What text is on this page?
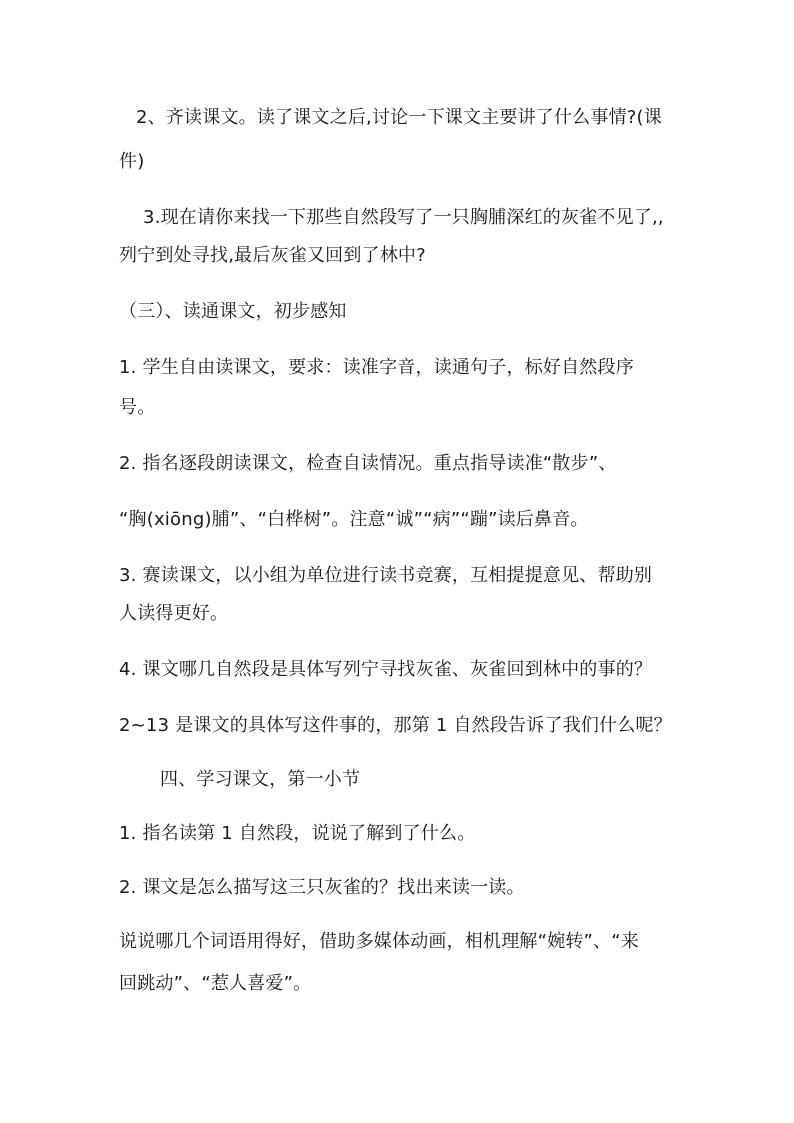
2、齐读课文。读了课文之后,讨论一下课文主要讲了什么事情?(课
件)
3.现在请你来找一下那些自然段写了一只胸脯深红的灰雀不见了,,
列宁到处寻找,最后灰雀又回到了林中?
（三）、读通课文，初步感知
1. 学生自由读课文，要求：读准字音，读通句子，标好自然段序
号。
2. 指名逐段朗读课文，检查自读情况。重点指导读准“散步”、
“胸(xiōng)脯”、“白桦树”。注意“诚”“病”“蹦”读后鼻音。
3. 赛读课文，以小组为单位进行读书竞赛，互相提提意见、帮助别
人读得更好。
4. 课文哪几自然段是具体写列宁寻找灰雀、灰雀回到林中的事的？
2~13 是课文的具体写这件事的，那第 1 自然段告诉了我们什么呢？
四、学习课文，第一小节
1. 指名读第 1 自然段，说说了解到了什么。
2. 课文是怎么描写这三只灰雀的？找出来读一读。
说说哪几个词语用得好，借助多媒体动画，相机理解“婉转”、“来
回跳动”、“惹人喜爱”。
